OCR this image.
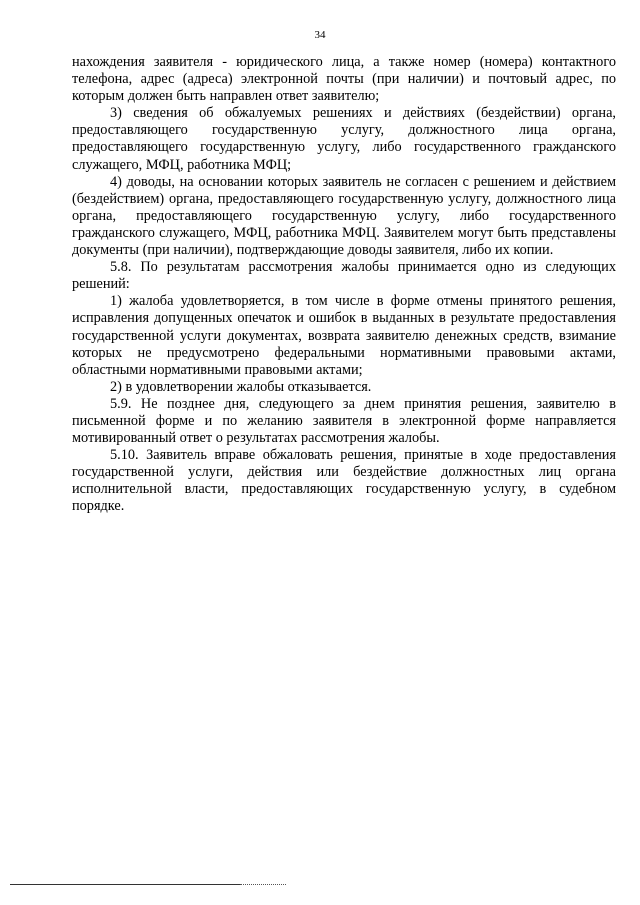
34

нахождения заявителя - юридического лица, а также номер (номера) контактного телефона, адрес (адреса) электронной почты (при наличии) и почтовый адрес, по которым должен быть направлен ответ заявителю;

3) сведения об обжалуемых решениях и действиях (бездействии) органа, предоставляющего государственную услугу, должностного лица органа, предоставляющего государственную услугу, либо государственного гражданского служащего, МФЦ, работника МФЦ;

4) доводы, на основании которых заявитель не согласен с решением и действием (бездействием) органа, предоставляющего государственную услугу, должностного лица органа, предоставляющего государственную услугу, либо государственного гражданского служащего, МФЦ, работника МФЦ. Заявителем могут быть представлены документы (при наличии), подтверждающие доводы заявителя, либо их копии.

5.8. По результатам рассмотрения жалобы принимается одно из следующих решений:

1) жалоба удовлетворяется, в том числе в форме отмены принятого решения, исправления допущенных опечаток и ошибок в выданных в результате предоставления государственной услуги документах, возврата заявителю денежных средств, взимание которых не предусмотрено федеральными нормативными правовыми актами, областными нормативными правовыми актами;

2) в удовлетворении жалобы отказывается.

5.9. Не позднее дня, следующего за днем принятия решения, заявителю в письменной форме и по желанию заявителя в электронной форме направляется мотивированный ответ о результатах рассмотрения жалобы.

5.10. Заявитель вправе обжаловать решения, принятые в ходе предоставления государственной услуги, действия или бездействие должностных лиц органа исполнительной власти, предоставляющих государственную услугу, в судебном порядке.
